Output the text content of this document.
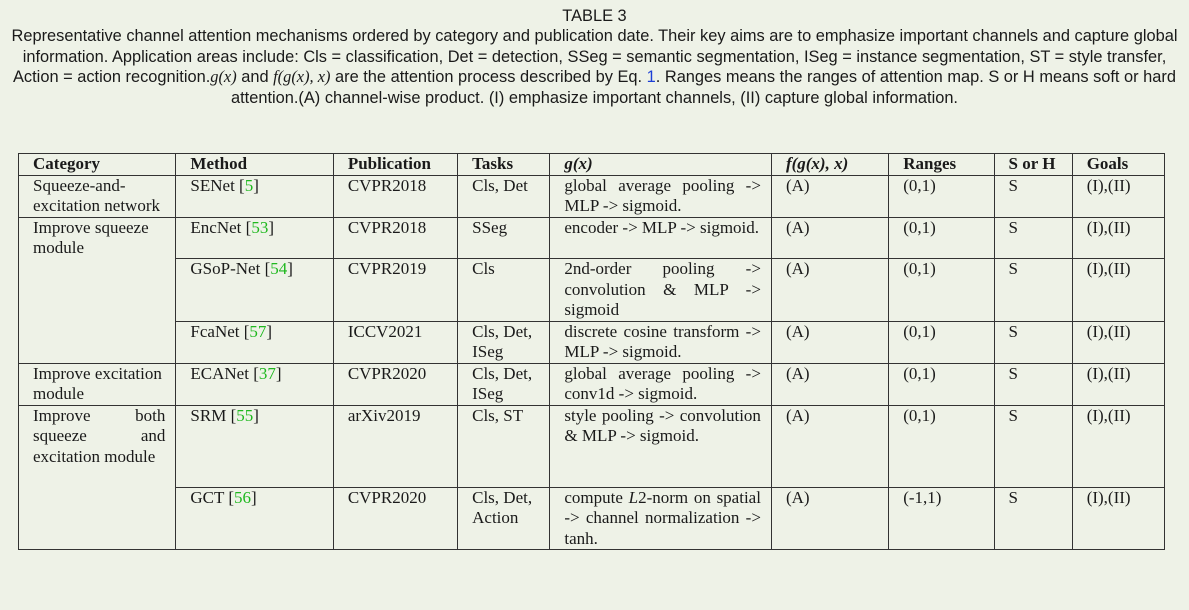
TABLE 3
Representative channel attention mechanisms ordered by category and publication date. Their key aims are to emphasize important channels and capture global information. Application areas include: Cls = classification, Det = detection, SSeg = semantic segmentation, ISeg = instance segmentation, ST = style transfer, Action = action recognition.g(x) and f(g(x), x) are the attention process described by Eq. 1. Ranges means the ranges of attention map. S or H means soft or hard attention.(A) channel-wise product. (I) emphasize important channels, (II) capture global information.
Category	Method	Publication	Tasks	g(x)	f(g(x), x)	Ranges	S or H	Goals
Squeeze-and-excitation network	SENet [5]	CVPR2018	Cls, Det	global average pooling -> MLP -> sigmoid.	(A)	(0,1)	S	(I),(II)
Improve squeeze module	EncNet [53]	CVPR2018	SSeg	encoder -> MLP -> sigmoid.	(A)	(0,1)	S	(I),(II)
	GSoP-Net [54]	CVPR2019	Cls	2nd-order pooling -> convolution & MLP -> sigmoid	(A)	(0,1)	S	(I),(II)
	FcaNet [57]	ICCV2021	Cls, Det, ISeg	discrete cosine transform -> MLP -> sigmoid.	(A)	(0,1)	S	(I),(II)
Improve excitation module	ECANet [37]	CVPR2020	Cls, Det, ISeg	global average pooling -> conv1d -> sigmoid.	(A)	(0,1)	S	(I),(II)
Improve both squeeze and excitation module	SRM [55]	arXiv2019	Cls, ST	style pooling -> convolution & MLP -> sigmoid.	(A)	(0,1)	S	(I),(II)
	GCT [56]	CVPR2020	Cls, Det, Action	compute L2-norm on spatial -> channel normalization -> tanh.	(A)	(-1,1)	S	(I),(II)
